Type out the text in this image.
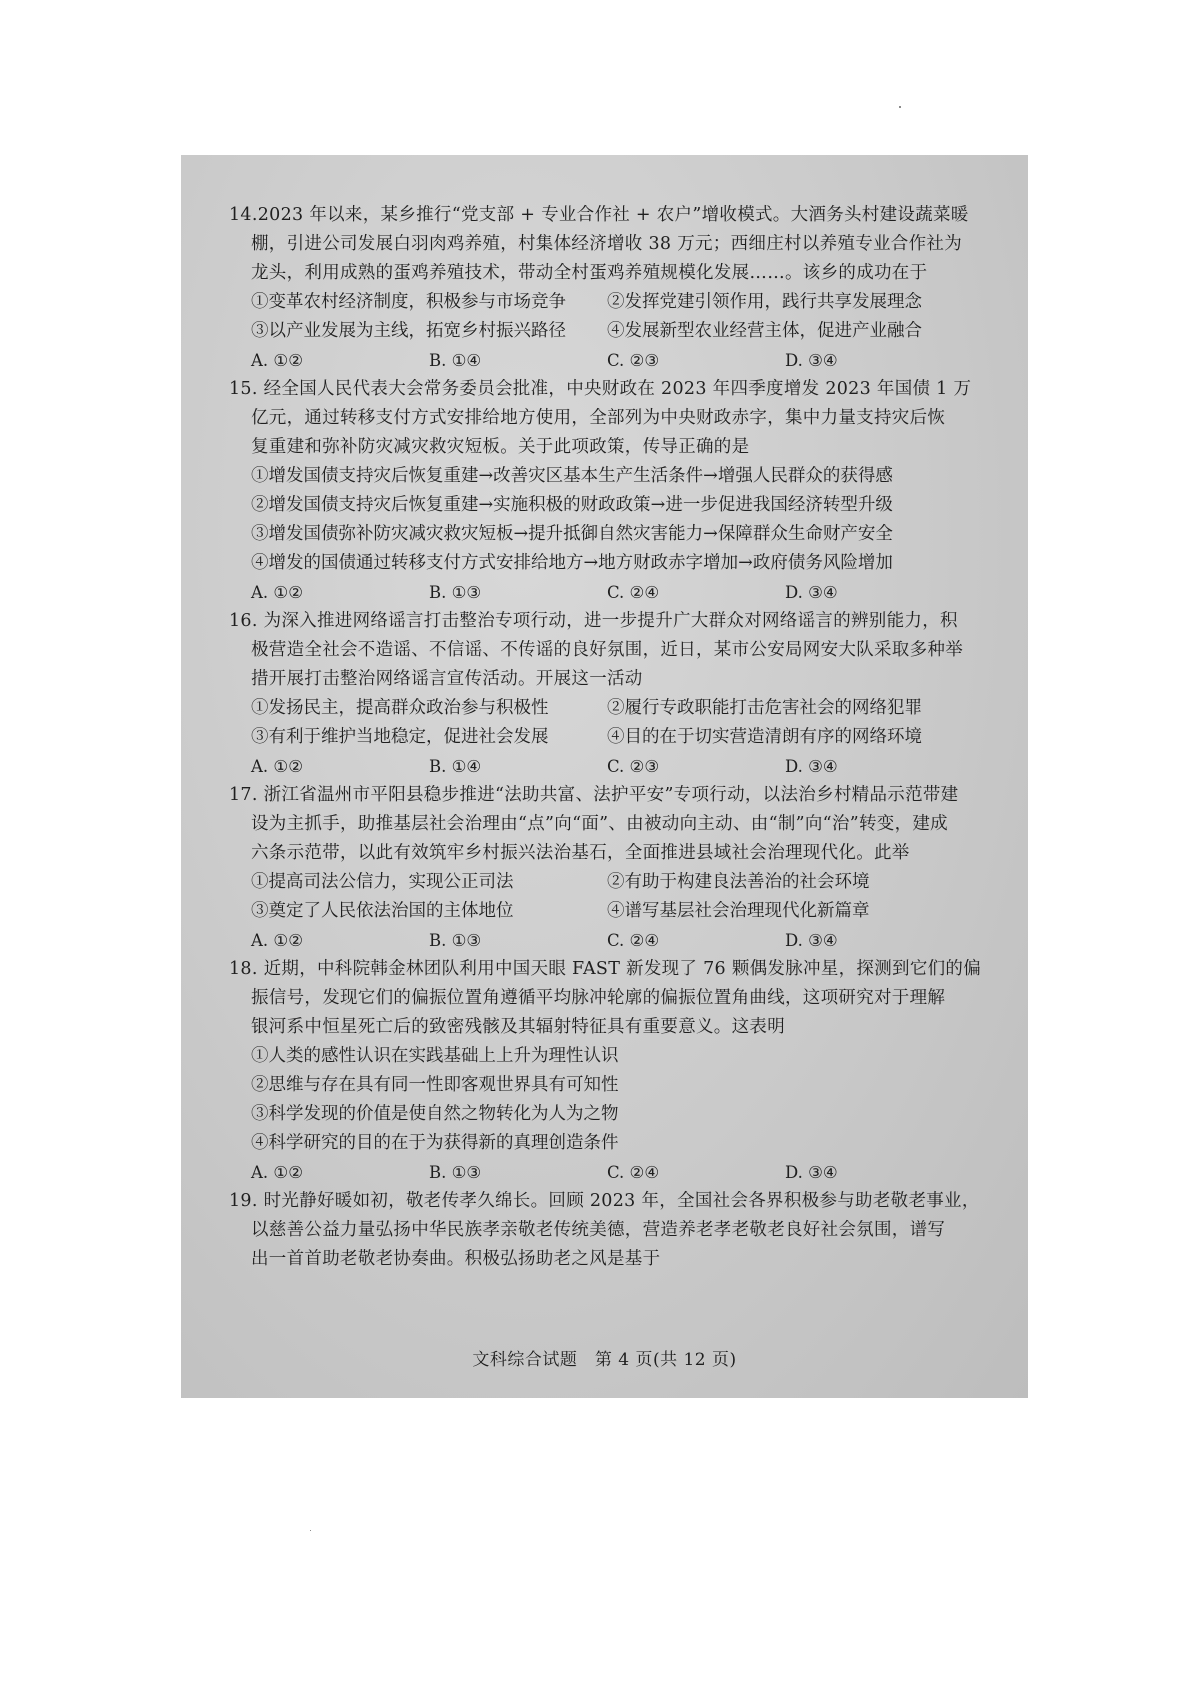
14.2023 年以来，某乡推行“党支部 + 专业合作社 + 农户”增收模式。大酒务头村建设蔬菜暖

棚，引进公司发展白羽肉鸡养殖，村集体经济增收 38 万元；西细庄村以养殖专业合作社为

龙头，利用成熟的蛋鸡养殖技术，带动全村蛋鸡养殖规模化发展……。该乡的成功在于

①变革农村经济制度，积极参与市场竞争	②发挥党建引领作用，践行共享发展理念
③以产业发展为主线，拓宽乡村振兴路径	④发展新型农业经营主体，促进产业融合
A. ①②	B. ①④	C. ②③	D. ③④

15. 经全国人民代表大会常务委员会批准，中央财政在 2023 年四季度增发 2023 年国债 1 万

亿元，通过转移支付方式安排给地方使用，全部列为中央财政赤字，集中力量支持灾后恢

复重建和弥补防灾减灾救灾短板。关于此项政策，传导正确的是

①增发国债支持灾后恢复重建→改善灾区基本生产生活条件→增强人民群众的获得感
②增发国债支持灾后恢复重建→实施积极的财政政策→进一步促进我国经济转型升级
③增发国债弥补防灾减灾救灾短板→提升抵御自然灾害能力→保障群众生命财产安全
④增发的国债通过转移支付方式安排给地方→地方财政赤字增加→政府债务风险增加
A. ①②	B. ①③	C. ②④	D. ③④

16. 为深入推进网络谣言打击整治专项行动，进一步提升广大群众对网络谣言的辨别能力，积

极营造全社会不造谣、不信谣、不传谣的良好氛围，近日，某市公安局网安大队采取多种举

措开展打击整治网络谣言宣传活动。开展这一活动

①发扬民主，提高群众政治参与积极性	②履行专政职能打击危害社会的网络犯罪
③有利于维护当地稳定，促进社会发展	④目的在于切实营造清朗有序的网络环境
A. ①②	B. ①④	C. ②③	D. ③④

17. 浙江省温州市平阳县稳步推进“法助共富、法护平安”专项行动，以法治乡村精品示范带建

设为主抓手，助推基层社会治理由“点”向“面”、由被动向主动、由“制”向“治”转变，建成

六条示范带，以此有效筑牢乡村振兴法治基石，全面推进县域社会治理现代化。此举

①提高司法公信力，实现公正司法	②有助于构建良法善治的社会环境
③奠定了人民依法治国的主体地位	④谱写基层社会治理现代化新篇章
A. ①②	B. ①③	C. ②④	D. ③④

18. 近期，中科院韩金林团队利用中国天眼 FAST 新发现了 76 颗偶发脉冲星，探测到它们的偏

振信号，发现它们的偏振位置角遵循平均脉冲轮廓的偏振位置角曲线，这项研究对于理解

银河系中恒星死亡后的致密残骸及其辐射特征具有重要意义。这表明

①人类的感性认识在实践基础上上升为理性认识
②思维与存在具有同一性即客观世界具有可知性
③科学发现的价值是使自然之物转化为人为之物
④科学研究的目的在于为获得新的真理创造条件
A. ①②	B. ①③	C. ②④	D. ③④

19. 时光静好暖如初，敬老传孝久绵长。回顾 2023 年，全国社会各界积极参与助老敬老事业，

以慈善公益力量弘扬中华民族孝亲敬老传统美德，营造养老孝老敬老良好社会氛围，谱写

出一首首助老敬老协奏曲。积极弘扬助老之风是基于

文科综合试题　第 4 页(共 12 页)
